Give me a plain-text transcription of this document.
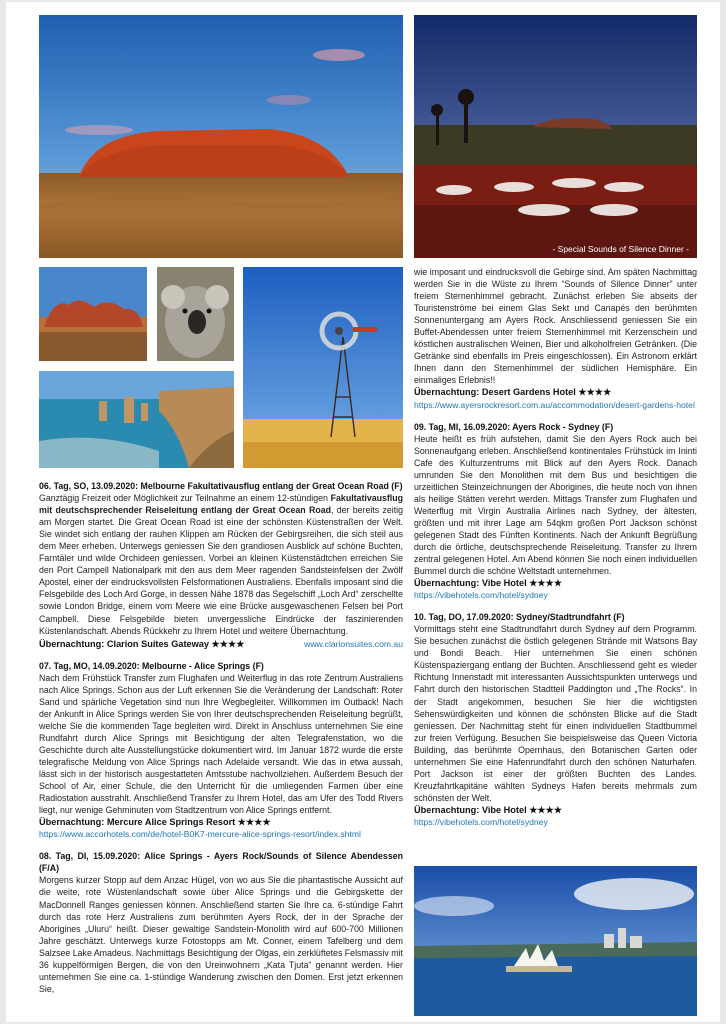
- Special Sounds of Silence Dinner -

06. Tag, SO, 13.09.2020: Melbourne Fakultativausflug entlang der Great Ocean Road (F)

Ganztägig Freizeit oder Möglichkeit zur Teilnahme an einem 12-stündigen Fakultativausflug mit deutschsprechender Reiseleitung entlang der Great Ocean Road, der bereits zeitig am Morgen startet. Die Great Ocean Road ist eine der schönsten Küstenstraßen der Welt. Sie windet sich entlang der rauhen Klippen am Rücken der Gebirgsreihen, die sich steil aus dem Meer erheben. Unterwegs geniessen Sie den grandiosen Ausblick auf schöne Buchten, Farntäler und wilde Orchideen geniessen. Vorbei an kleinen Küstenstädtchen erreichen Sie den Port Campell Nationalpark mit den aus dem Meer ragenden Sandsteinfelsen der Zwölf Apostel, einer der eindrucksvollsten Felsformationen Australiens. Ebenfalls imposant sind die Felsgebilde des Loch Ard Gorge, in dessen Nähe 1878 das Segelschiff „Loch Ard“ zerschellte sowie London Bridge, einem vom Meere wie eine Brücke ausgewaschenen Felsen bei Port Campbell. Diese Felsgebilde bieten unvergessliche Eindrücke der faszinierenden Küstenlandschaft. Abends Rückkehr zu Ihrem Hotel und weitere Übernachtung.

Übernachtung: Clarion Suites Gateway ★★★★	www.clarionsuites.com.au

07. Tag, MO, 14.09.2020: Melbourne - Alice Springs (F)

Nach dem Frühstück Transfer zum Flughafen und Weiterflug in das rote Zentrum Australiens nach Alice Springs. Schon aus der Luft erkennen Sie die Veränderung der Landschaft: Roter Sand und spärliche Vegetation sind nun Ihre Wegbegleiter. Willkommen im Outback! Nach der Ankunft in Alice Springs werden Sie von Ihrer deutschsprechenden Reiseleitung begrüßt, welche Sie die kommenden Tage begleiten wird. Direkt in Anschluss unternehmen Sie eine Rundfahrt durch Alice Springs mit Besichtigung der alten Telegrafenstation, wo die Geschichte durch alte Ausstellungstücke dokumentiert wird. Im Januar 1872 wurde die erste telegrafische Meldung von Alice Springs nach Adelaide versandt. Wie das in etwa aussah, lässt sich in der historisch ausgestatteten Amtsstube nachvollziehen. Außerdem Besuch der School of Air, einer Schule, die den Unterricht für die umliegenden Farmen über eine Radiostation ausstrahlt. Anschließend Transfer zu Ihrem Hotel, das am Ufer des Todd Rivers liegt, nur wenige Gehminuten vom Stadtzentrum von Alice Springs entfernt.

Übernachtung: Mercure Alice Springs Resort ★★★★

https://www.accorhotels.com/de/hotel-B0K7-mercure-alice-springs-resort/index.shtml

08. Tag, DI, 15.09.2020: Alice Springs - Ayers Rock/Sounds of Silence Abendessen (F/A)

Morgens kurzer Stopp auf dem Anzac Hügel, von wo aus Sie die phantastische Aussicht auf die weite, rote Wüstenlandschaft sowie über Alice Springs und die Gebirgskette der MacDonnell Ranges geniessen können. Anschließend starten Sie Ihre ca. 6-stündige Fahrt durch das rote Herz Australiens zum berühmten Ayers Rock, der in der Sprache der Aborigines „Uluru“ heißt. Dieser gewaltige Sandstein-Monolith wird auf 600-700 Millionen Jahre geschätzt. Unterwegs kurze Fotostopps am Mt. Conner, einem Tafelberg und dem Salzsee Lake Amadeus. Nachmittags Besichtigung der Olgas, ein zerklüftetes Felsmassiv mit 36 kuppelförmigen Bergen, die von den Ureinwohnern „Kata Tjuta“ genannt werden. Hier unternehmen Sie eine ca. 1-stündige Wanderung zwischen den Domen. Erst jetzt erkennen Sie,

wie imposant und eindrucksvoll die Gebirge sind. Am späten Nachmittag werden Sie in die Wüste zu Ihrem “Sounds of Silence Dinner” unter freiem Sternenhimmel gebracht. Zunächst erleben Sie abseits der Touristenströme bei einem Glas Sekt und Canapés den berühmten Sonnenuntergang am Ayers Rock. Anschliessend geniessen Sie ein Buffet-Abendessen unter freiem Sternenhimmel mit Kerzenschein und köstlichen australischen Weinen, Bier und alkoholfreien Getränken. (Die Getränke sind ebenfalls im Preis eingeschlossen). Ein Astronom erklärt Ihnen dann den Sternenhimmel der südlichen Hemisphäre. Ein einmaliges Erlebnis!!

Übernachtung: Desert Gardens Hotel ★★★★

https://www.ayersrockresort.com.au/accommodation/desert-gardens-hotel

09. Tag, MI, 16.09.2020: Ayers Rock - Sydney (F)

Heute heißt es früh aufstehen, damit Sie den Ayers Rock auch bei Sonnenaufgang erleben. Anschließend kontinentales Frühstück im Ininti Cafe des Kulturzentrums mit Blick auf den Ayers Rock. Danach umrunden Sie den Monolithen mit dem Bus und besichtigen die urzeitlichen Steinzeichnungen der Aborigines, die heute noch von ihnen als heilige Stätten verehrt werden. Mittags Transfer zum Flughafen und Weiterflug mit Virgin Australia Airlines nach Sydney, der ältesten, größten und mit ihrer Lage am 54qkm großen Port Jackson schönst gelegenen Stadt des Fünften Kontinents. Nach der Ankunft Begrüßung durch die örtliche, deutschsprechende Reiseleitung. Transfer zu Ihrem zentral gelegenen Hotel. Am Abend können Sie noch einen individuellen Bummel durch die schöne Weltstadt unternehmen.

Übernachtung: Vibe Hotel ★★★★

https://vibehotels.com/hotel/sydney

10. Tag, DO, 17.09.2020: Sydney/Stadtrundfahrt (F)

Vormittags steht eine Stadtrundfahrt durch Sydney auf dem Programm. Sie besuchen zunächst die östlich gelegenen Strände mit Watsons Bay und Bondi Beach. Hier unternehmen Sie einen schönen Küstenspaziergang entlang der Buchten. Anschliessend geht es wieder Richtung Innenstadt mit interessanten Aussichtspunkten unterwegs und Fahrt durch den historischen Stadtteil Paddington und „The Rocks“. In der Stadt angekommen, besuchen Sie hier die wichtigsten Sehenswürdigkeiten und können die schönsten Blicke auf die Stadt geniessen. Der Nachmittag steht für einen individuellen Stadtbummel zur freien Verfügung. Besuchen Sie beispielsweise das Queen Victoria Building, das berühmte Opernhaus, den Botanischen Garten oder unternehmen Sie eine Hafenrundfahrt durch den schönen Naturhafen. Port Jackson ist einer der größten Buchten des Landes. Kreuzfahrtkapitäne wählten Sydneys Hafen bereits mehrmals zum schönsten der Welt.

Übernachtung: Vibe Hotel ★★★★

https://vibehotels.com/hotel/sydney
